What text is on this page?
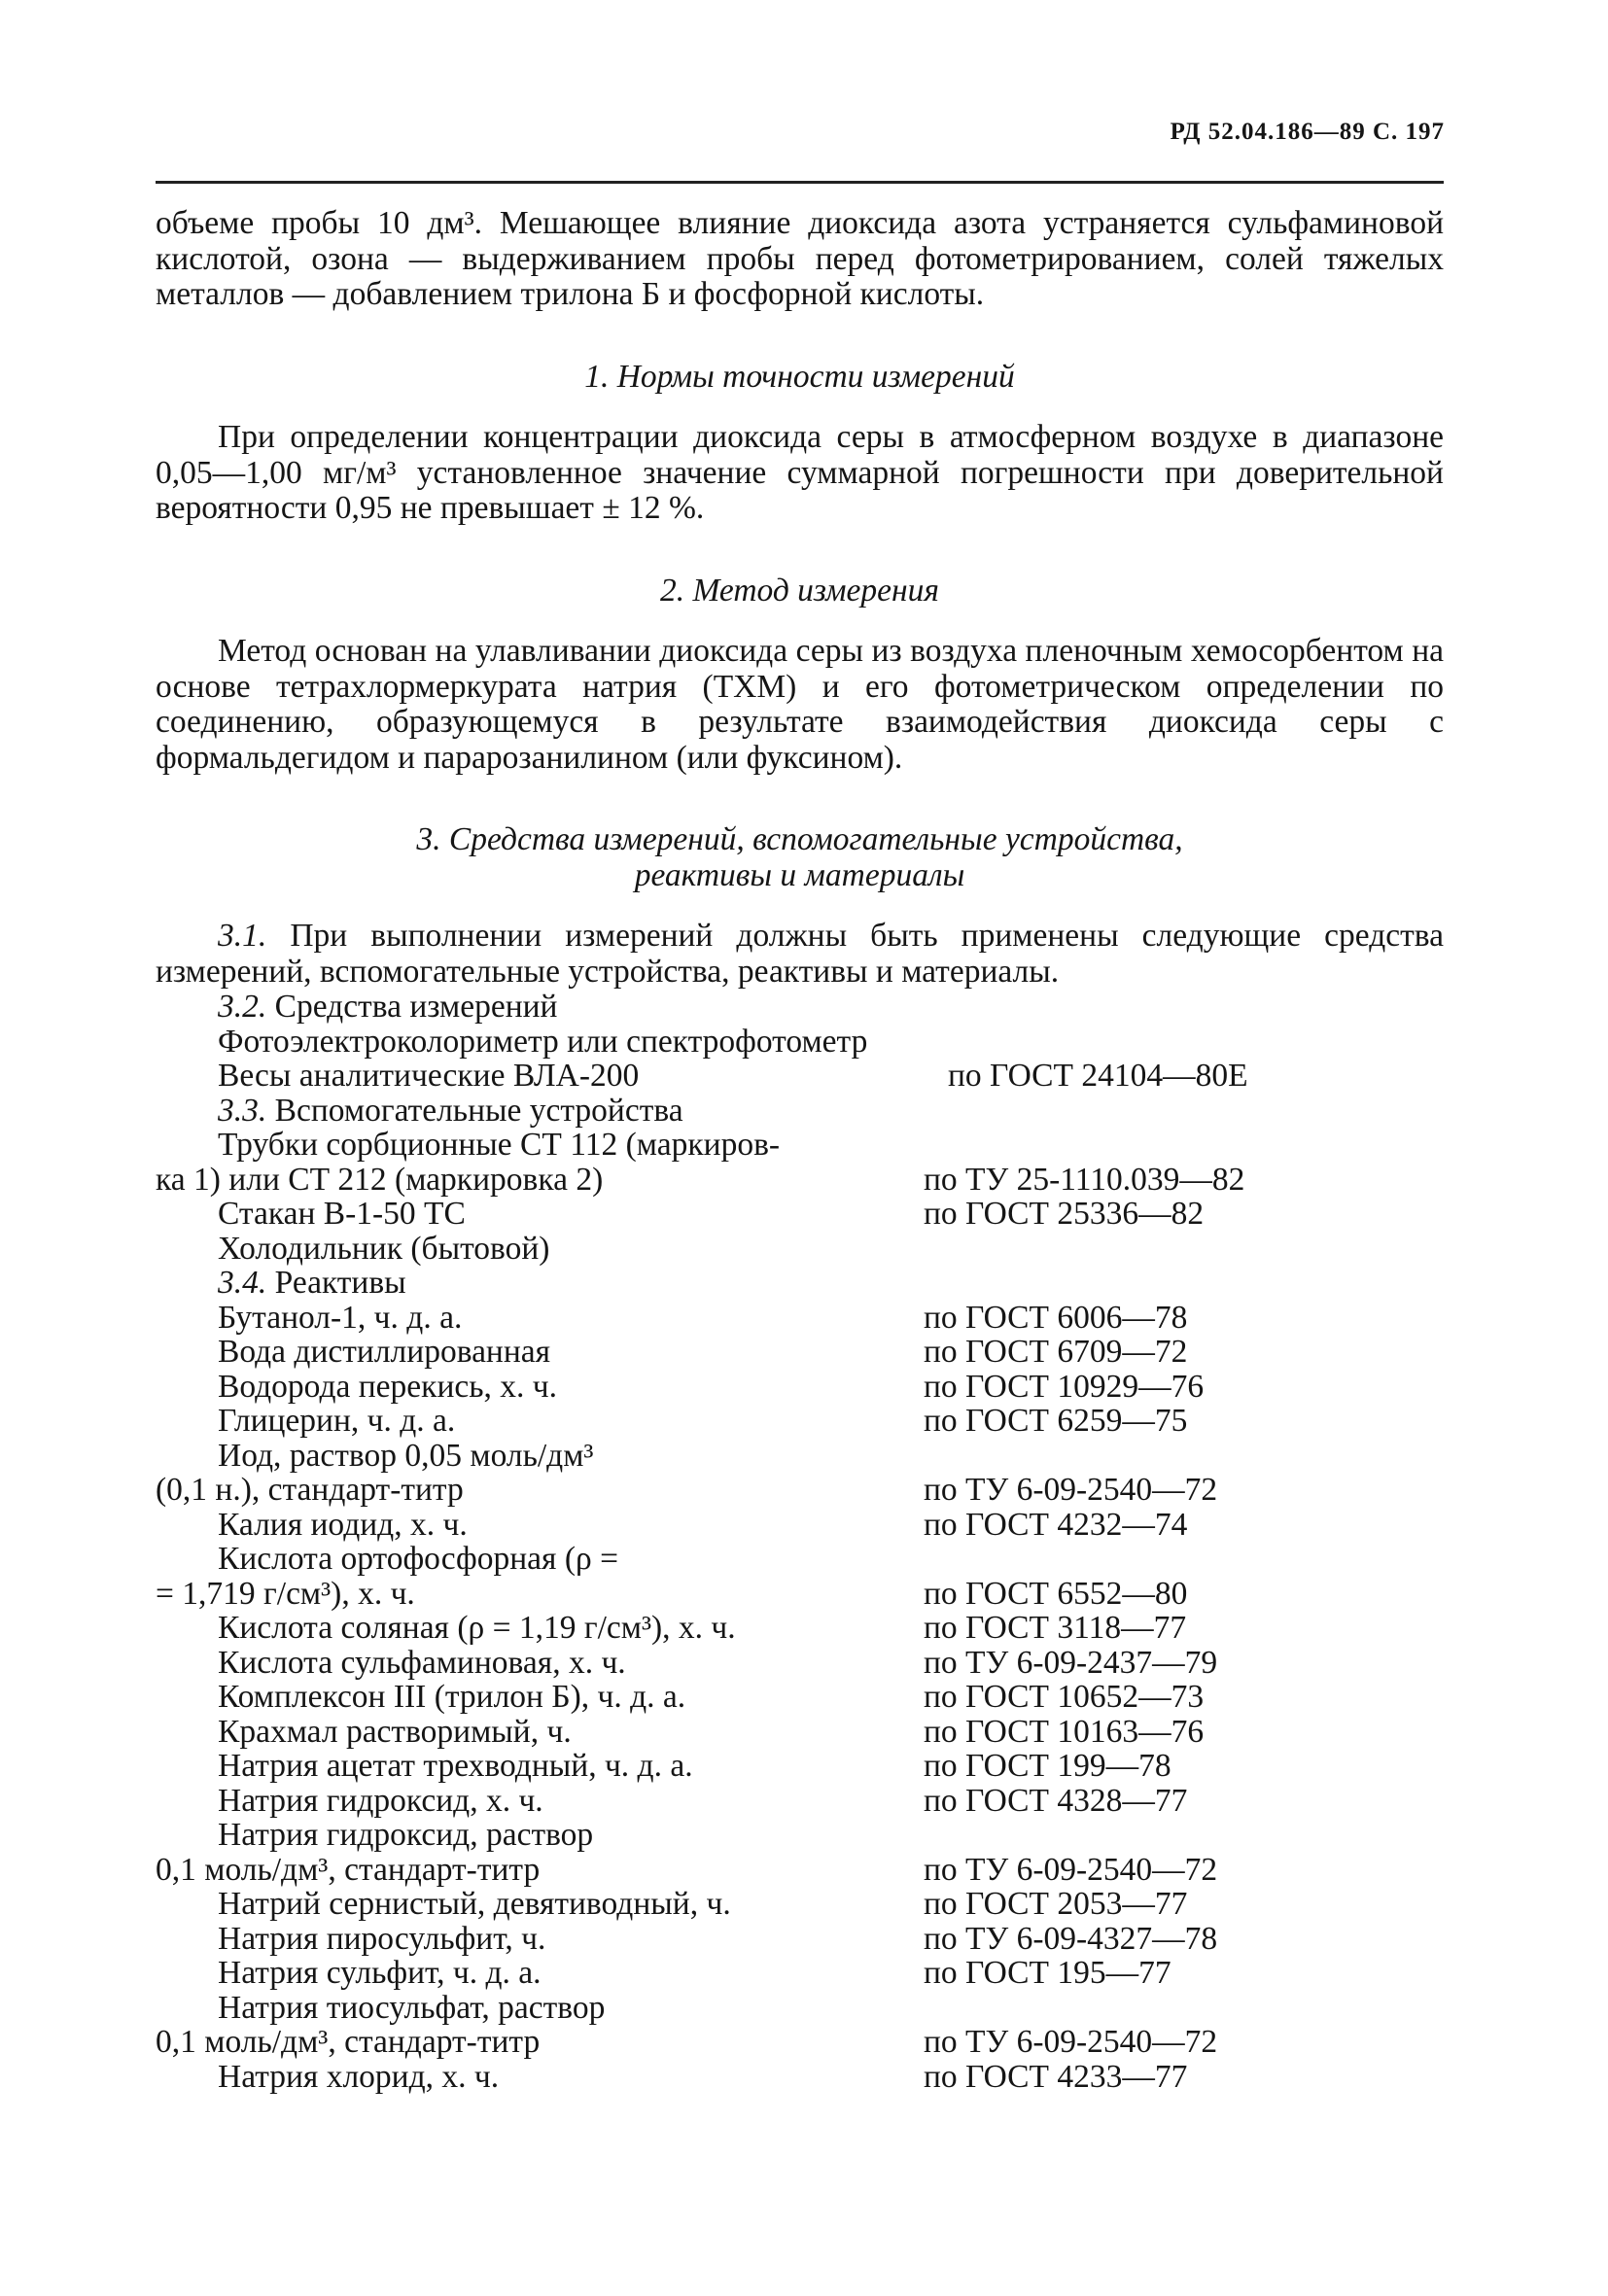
РД 52.04.186—89 С. 197

объеме пробы 10 дм³. Мешающее влияние диоксида азота устраняется сульфаминовой кислотой, озона — выдерживанием пробы перед фотометрированием, солей тяжелых металлов — добавлением трилона Б и фосфорной кислоты.

1. Нормы точности измерений

При определении концентрации диоксида серы в атмосферном воздухе в диапазоне 0,05—1,00 мг/м³ установленное значение суммарной погрешности при доверительной вероятности 0,95 не превышает ± 12 %.

2. Метод измерения

Метод основан на улавливании диоксида серы из воздуха пленочным хемосорбентом на основе тетрахлормеркурата натрия (ТХМ) и его фотометрическом определении по соединению, образующемуся в результате взаимодействия диоксида серы с формальдегидом и парарозанилином (или фуксином).

3. Средства измерений, вспомогательные устройства,

реактивы и материалы

3.1. При выполнении измерений должны быть применены следующие средства измерений, вспомогательные устройства, реактивы и материалы.

3.2. Средства измерений
Фотоэлектроколориметр или спектрофотометр
Весы аналитические ВЛА-200	по ГОСТ 24104—80Е
3.3. Вспомогательные устройства
Трубки сорбционные СТ 112 (маркиров-
ка 1) или СТ 212 (маркировка 2)	по ТУ 25-1110.039—82
Стакан В-1-50 ТС	по ГОСТ 25336—82
Холодильник (бытовой)
3.4. Реактивы
Бутанол-1, ч. д. а.	по ГОСТ 6006—78
Вода дистиллированная	по ГОСТ 6709—72
Водорода перекись, х. ч.	по ГОСТ 10929—76
Глицерин, ч. д. а.	по ГОСТ 6259—75
Иод, раствор 0,05 моль/дм³
(0,1 н.), стандарт-титр	по ТУ 6-09-2540—72
Калия иодид, х. ч.	по ГОСТ 4232—74
Кислота ортофосфорная (ρ =
= 1,719 г/см³), х. ч.	по ГОСТ 6552—80
Кислота соляная (ρ = 1,19 г/см³), х. ч.	по ГОСТ 3118—77
Кислота сульфаминовая, х. ч.	по ТУ 6-09-2437—79
Комплексон III (трилон Б), ч. д. а.	по ГОСТ 10652—73
Крахмал растворимый, ч.	по ГОСТ 10163—76
Натрия ацетат трехводный, ч. д. а.	по ГОСТ 199—78
Натрия гидроксид, х. ч.	по ГОСТ 4328—77
Натрия гидроксид, раствор
0,1 моль/дм³, стандарт-титр	по ТУ 6-09-2540—72
Натрий сернистый, девятиводный, ч.	по ГОСТ 2053—77
Натрия пиросульфит, ч.	по ТУ 6-09-4327—78
Натрия сульфит, ч. д. а.	по ГОСТ 195—77
Натрия тиосульфат, раствор
0,1 моль/дм³, стандарт-титр	по ТУ 6-09-2540—72
Натрия хлорид, х. ч.	по ГОСТ 4233—77
